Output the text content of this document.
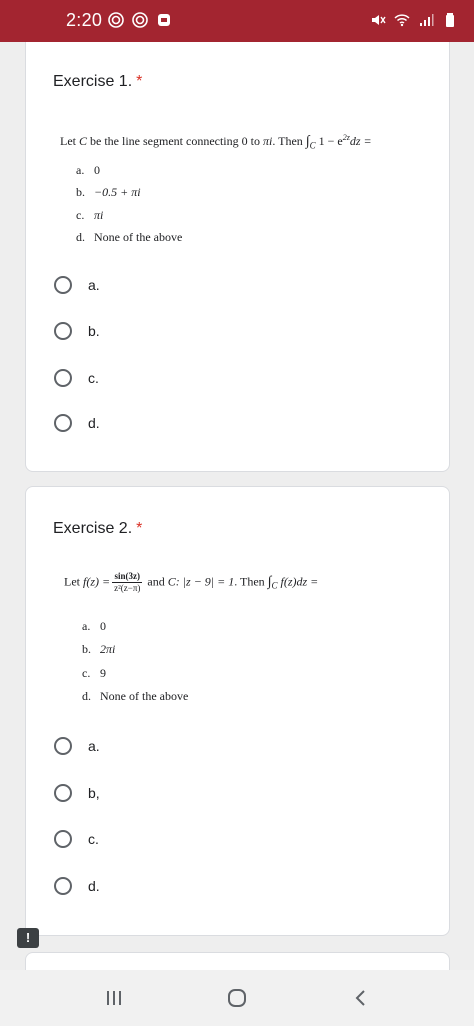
2:20
Exercise 1. *
Let C be the line segment connecting 0 to πi. Then $\int_C$ $1 - e^{2z}dz$ =
a. 0
b. −0.5 + πi
c. πi
d. None of the above
a.
b.
c.
d.
Exercise 2. *
Let $f(z) = \frac{\sin(3z)}{\text{z²(z−π)}}$ and C: |z − 9| = 1. Then $\int_C$ f(z)dz =
a. 0
b. 2πi
c. 9
d. None of the above
a.
b,
c.
d.
!
